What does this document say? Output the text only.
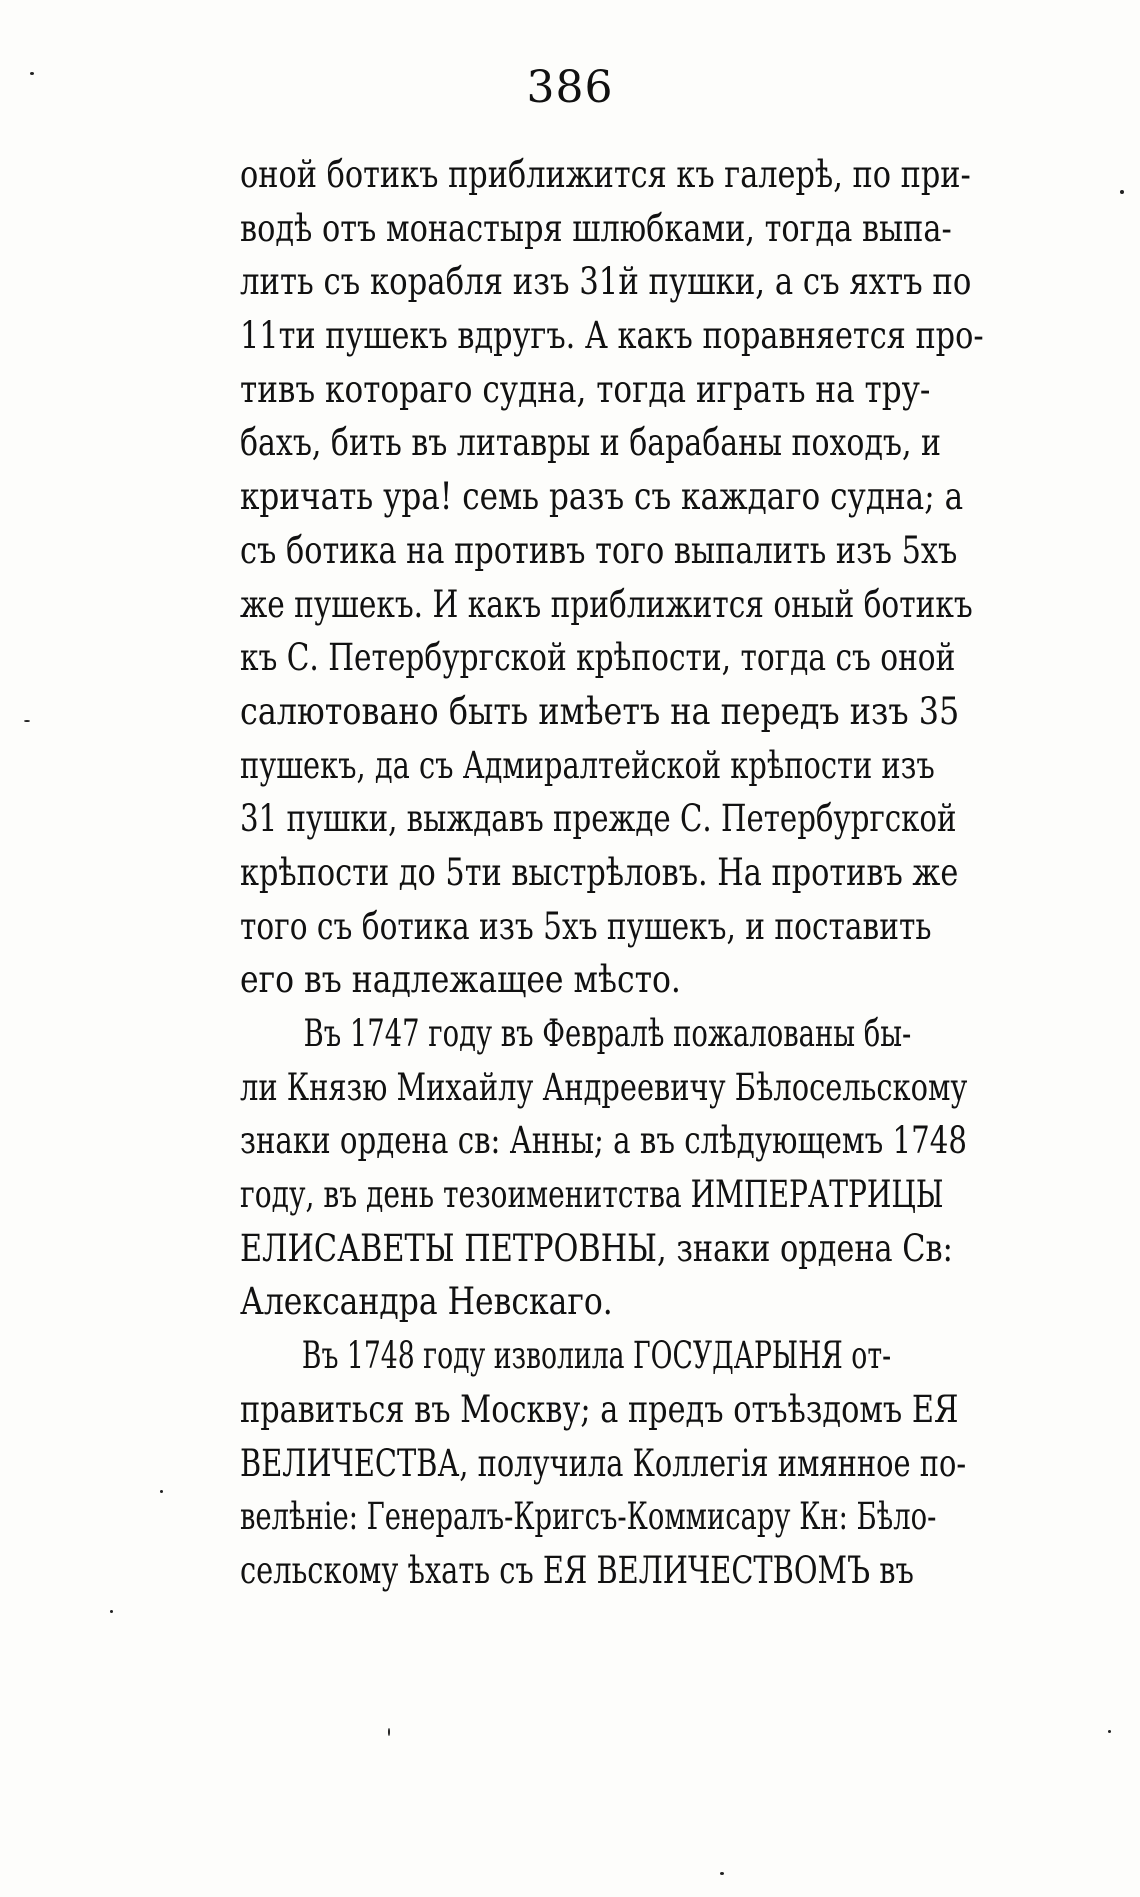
386
оной ботикъ приближится къ галерѣ, по при-
водѣ отъ монастыря шлюбками, тогда выпа-
лить съ корабля изъ 31й пушки, а съ яхтъ по
11ти пушекъ вдругъ. А какъ поравняется про-
тивъ котораго судна, тогда играть на тру-
бахъ, бить въ литавры и барабаны походъ, и
кричать ура! семь разъ съ каждаго судна; а
съ ботика на противъ того выпалить изъ 5хъ
же пушекъ. И какъ приближится оный ботикъ
къ С. Петербургской крѣпости, тогда съ оной
салютовано быть имѣетъ на передъ изъ 35
пушекъ, да съ Адмиралтейской крѣпости изъ
31 пушки, выждавъ прежде С. Петербургской
крѣпости до 5ти выстрѣловъ. На противъ же
того съ ботика изъ 5хъ пушекъ, и поставить
его въ надлежащее мѣсто.
Въ 1747 году въ Февралѣ пожалованы бы-
ли Князю Михайлу Андреевичу Бѣлосельскому
знаки ордена св: Анны; а въ слѣдующемъ 1748
году, въ день тезоименитства ИМПЕРАТРИЦЫ
ЕЛИСАВЕТЫ ПЕТРОВНЫ, знаки ордена Св:
Александра Невскаго.
Въ 1748 году изволила ГОСУДАРЫНЯ от-
правиться въ Москву; а предъ отъѣздомъ ЕЯ
ВЕЛИЧЕСТВА, получила Коллегія имянное по-
велѣніе: Генералъ-Кригсъ-Коммисару Кн: Бѣло-
сельскому ѣхать съ ЕЯ ВЕЛИЧЕСТВОМЪ въ
